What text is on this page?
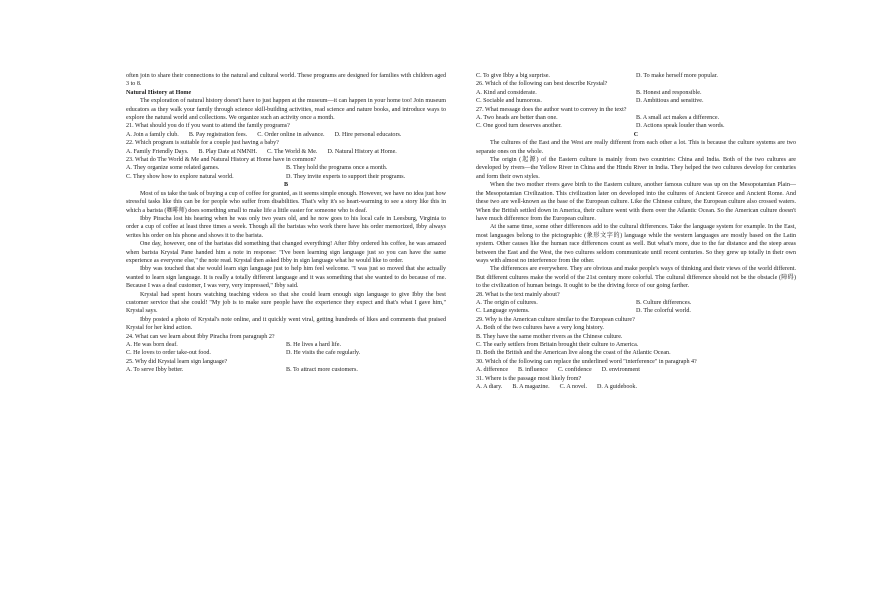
often join to share their connections to the natural and cultural world. These programs are designed for families with children aged 3 to 8.

Natural History at Home

The exploration of natural history doesn't have to just happen at the museum—it can happen in your home too! Join museum educators as they walk your family through science skill-building activities, read science and nature books, and introduce ways to explore the natural world and collections. We organize such an activity once a month.

21. What should you do if you want to attend the family programs?

A. Join a family club. B. Pay registration fees. C. Order online in advance. D. Hire personal educators.

22. Which program is suitable for a couple just having a baby?

A. Family Friendly Days. B. Play Date at NMNH. C. The World & Me. D. Natural History at Home.

23. What do The World & Me and Natural History at Home have in common?

A. They organize some related games.	B. They hold the programs once a month.
C. They show how to explore natural world.	D. They invite experts to support their programs.

B

Most of us take the task of buying a cup of coffee for granted, as it seems simple enough. However, we have no idea just how stressful tasks like this can be for people who suffer from disabilities. That's why it's so heart-warming to see a story like this in which a barista (咖啡师) does something small to make life a little easier for someone who is deaf.

Ibby Piracha lost his hearing when he was only two years old, and he now goes to his local cafe in Leesburg, Virginia to order a cup of coffee at least three times a week. Though all the baristas who work there have his order memorized, Ibby always writes his order on his phone and shows it to the barista.

One day, however, one of the baristas did something that changed everything! After Ibby ordered his coffee, he was amazed when barista Krystal Pane handed him a note in response: "I've been learning sign language just so you can have the same experience as everyone else," the note read. Krystal then asked Ibby in sign language what he would like to order.

Ibby was touched that she would learn sign language just to help him feel welcome. "I was just so moved that she actually wanted to learn sign language. It is really a totally different language and it was something that she wanted to do because of me. Because I was a deaf customer, I was very, very impressed," Ibby said.

Krystal had spent hours watching teaching videos so that she could learn enough sign language to give Ibby the best customer service that she could! "My job is to make sure people have the experience they expect and that's what I gave him," Krystal says.

Ibby posted a photo of Krystal's note online, and it quickly went viral, getting hundreds of likes and comments that praised Krystal for her kind action.

24. What can we learn about Ibby Piracha from paragraph 2?

A. He was born deaf.	B. He lives a hard life.
C. He loves to order take-out food.	D. He visits the cafe regularly.

25. Why did Krystal learn sign language?

A. To serve Ibby better.	B. To attract more customers.
C. To give Ibby a big surprise.	D. To make herself more popular.

26. Which of the following can best describe Krystal?

A. Kind and considerate.	B. Honest and responsible.
C. Sociable and humorous.	D. Ambitious and sensitive.

27. What message does the author want to convey in the text?

A. Two heads are better than one.	B. A small act makes a difference.
C. One good turn deserves another.	D. Actions speak louder than words.

C

The cultures of the East and the West are really different from each other a lot. This is because the culture systems are two separate ones on the whole.

The origin (起源) of the Eastern culture is mainly from two countries: China and India. Both of the two cultures are developed by rivers—the Yellow River in China and the Hindu River in India. They helped the two cultures develop for centuries and form their own styles.

When the two mother rivers gave birth to the Eastern culture, another famous culture was up on the Mesopotamian Plain—the Mesopotamian Civilization. This civilization later on developed into the cultures of Ancient Greece and Ancient Rome. And these two are well-known as the base of the European culture. Like the Chinese culture, the European culture also crossed waters. When the British settled down in America, their culture went with them over the Atlantic Ocean. So the American culture doesn't have much difference from the European culture.

At the same time, some other differences add to the cultural differences. Take the language system for example. In the East, most languages belong to the pictographic (象形文字的) language while the western languages are mostly based on the Latin system. Other causes like the human race differences count as well. But what's more, due to the far distance and the steep areas between the East and the West, the two cultures seldom communicate until recent centuries. So they grew up totally in their own ways with almost no interference from the other.

The differences are everywhere. They are obvious and make people's ways of thinking and their views of the world different. But different cultures make the world of the 21st century more colorful. The cultural difference should not be the obstacle (障碍) to the civilization of human beings. It ought to be the driving force of our going farther.

28. What is the text mainly about?

A. The origin of cultures.	B. Culture differences.
C. Language systems.	D. The colorful world.

29. Why is the American culture similar to the European culture?

A. Both of the two cultures have a very long history.

B. They have the same mother rivers as the Chinese culture.

C. The early settlers from Britain brought their culture to America.

D. Both the British and the American live along the coast of the Atlantic Ocean.

30. Which of the following can replace the underlined word "interference" in paragraph 4?

A. difference B. influence C. confidence D. environment

31. Where is the passage most likely from?

A. A diary. B. A magazine. C. A novel. D. A guidebook.
